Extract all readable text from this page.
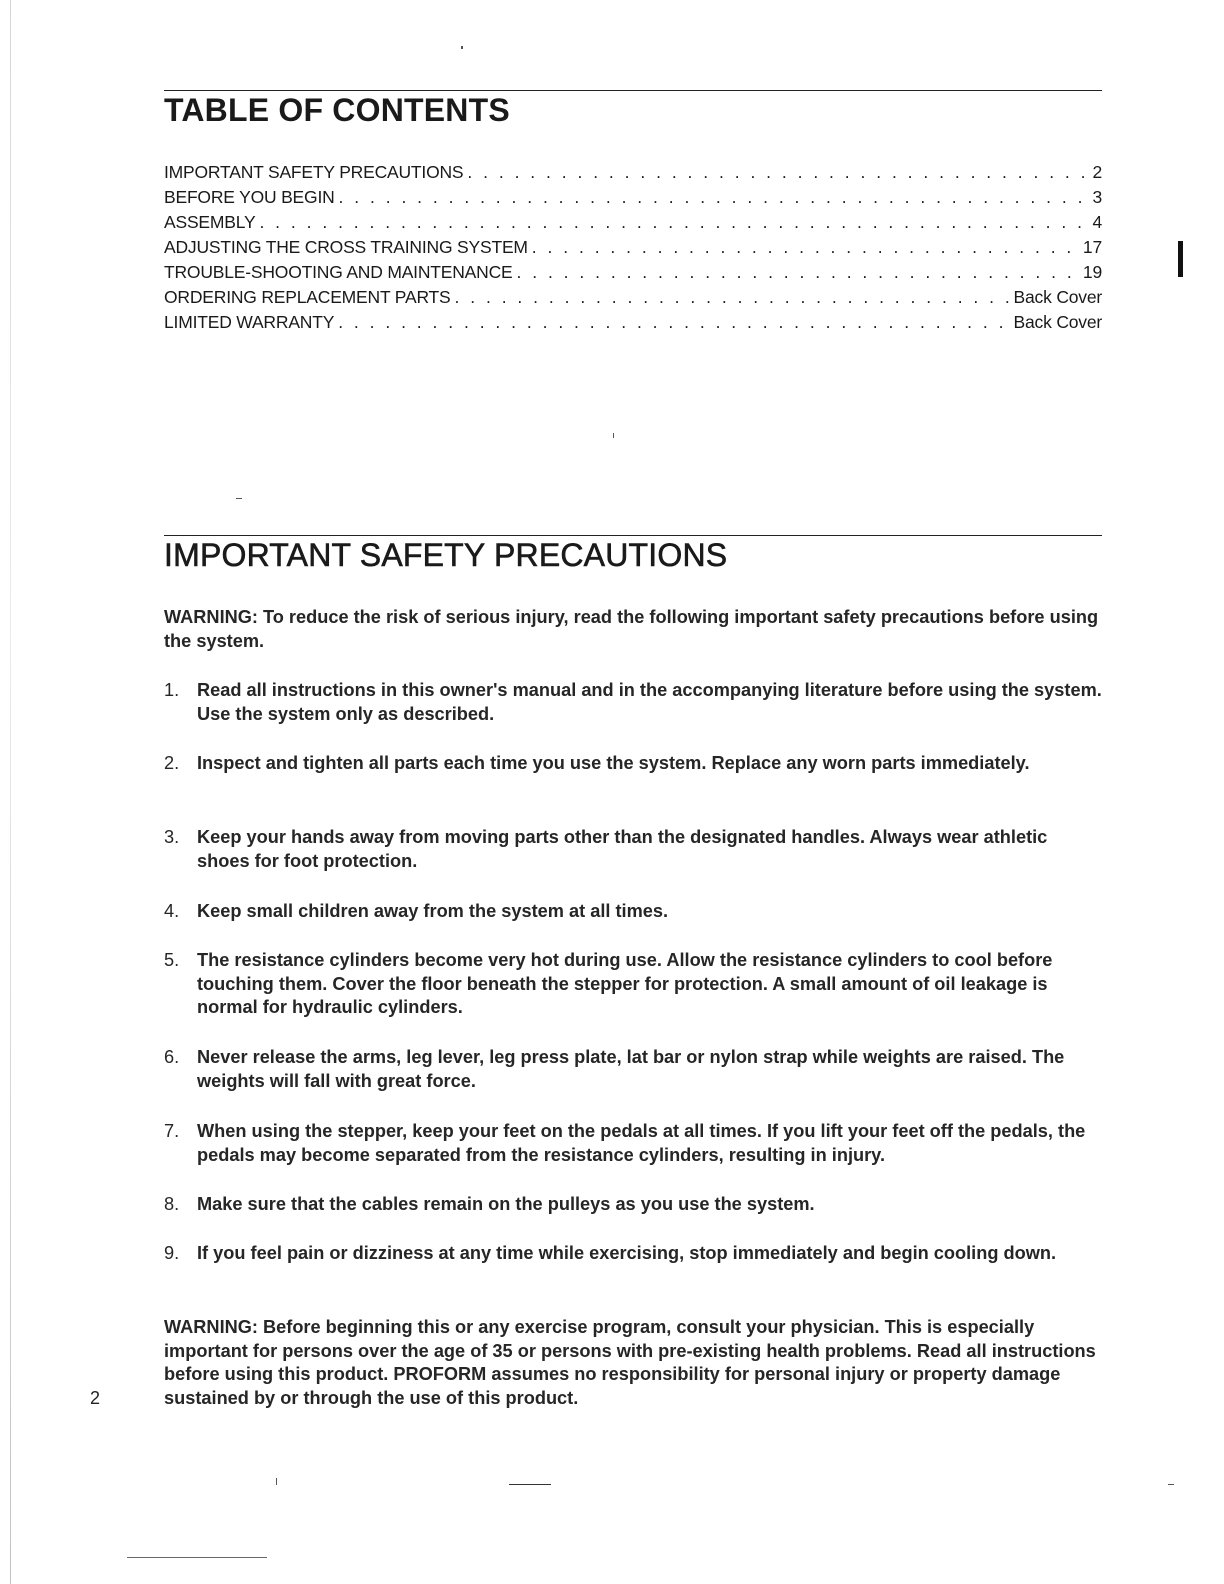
TABLE OF CONTENTS
IMPORTANT SAFETY PRECAUTIONS . . .	2
BEFORE YOU BEGIN . . .	3
ASSEMBLY . . .	4
ADJUSTING THE CROSS TRAINING SYSTEM . . .	17
TROUBLE-SHOOTING AND MAINTENANCE . . .	19
ORDERING REPLACEMENT PARTS . . .	Back Cover
LIMITED WARRANTY . . .	Back Cover
IMPORTANT SAFETY PRECAUTIONS

WARNING: To reduce the risk of serious injury, read the following important safety precautions before using the system.

1. Read all instructions in this owner's manual and in the accompanying literature before using the system. Use the system only as described.
2. Inspect and tighten all parts each time you use the system. Replace any worn parts immediately.
3. Keep your hands away from moving parts other than the designated handles. Always wear athletic shoes for foot protection.
4. Keep small children away from the system at all times.
5. The resistance cylinders become very hot during use. Allow the resistance cylinders to cool before touching them. Cover the floor beneath the stepper for protection. A small amount of oil leakage is normal for hydraulic cylinders.
6. Never release the arms, leg lever, leg press plate, lat bar or nylon strap while weights are raised. The weights will fall with great force.
7. When using the stepper, keep your feet on the pedals at all times. If you lift your feet off the pedals, the pedals may become separated from the resistance cylinders, resulting in injury.
8. Make sure that the cables remain on the pulleys as you use the system.
9. If you feel pain or dizziness at any time while exercising, stop immediately and begin cooling down.

WARNING: Before beginning this or any exercise program, consult your physician. This is especially important for persons over the age of 35 or persons with pre-existing health problems. Read all instructions before using this product. PROFORM assumes no responsibility for personal injury or property damage sustained by or through the use of this product.

2
